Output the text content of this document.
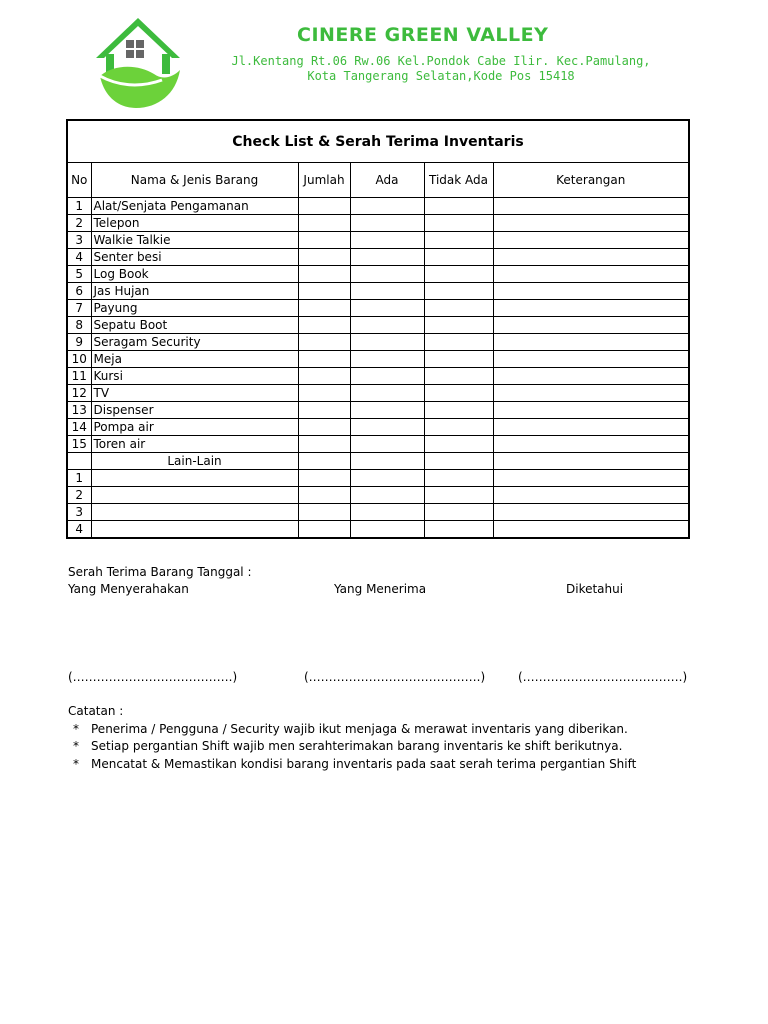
CINERE GREEN VALLEY

Jl.Kentang Rt.06 Rw.06 Kel.Pondok Cabe Ilir. Kec.Pamulang,

Kota Tangerang Selatan,Kode Pos 15418

Check List & Serah Terima Inventaris					
No	Nama & Jenis Barang	Jumlah	Ada	Tidak Ada	Keterangan
1	Alat/Senjata Pengamanan				
2	Telepon				
3	Walkie Talkie				
4	Senter besi				
5	Log Book				
6	Jas Hujan				
7	Payung				
8	Sepatu Boot				
9	Seragam Security				
10	Meja				
11	Kursi				
12	TV				
13	Dispenser				
14	Pompa air				
15	Toren air				
	Lain-Lain				
1					
2					
3					
4					

Serah Terima Barang Tanggal :

Yang Menyerahakan	Yang Menerima	Diketahui

(………………………………….)	(…………………………………….)	(………………………………….)

Catatan :

* Penerima / Pengguna / Security wajib ikut menjaga & merawat inventaris yang diberikan.
* Setiap pergantian Shift wajib men serahterimakan barang inventaris ke shift berikutnya.
* Mencatat & Memastikan kondisi barang inventaris pada saat serah terima pergantian Shift
